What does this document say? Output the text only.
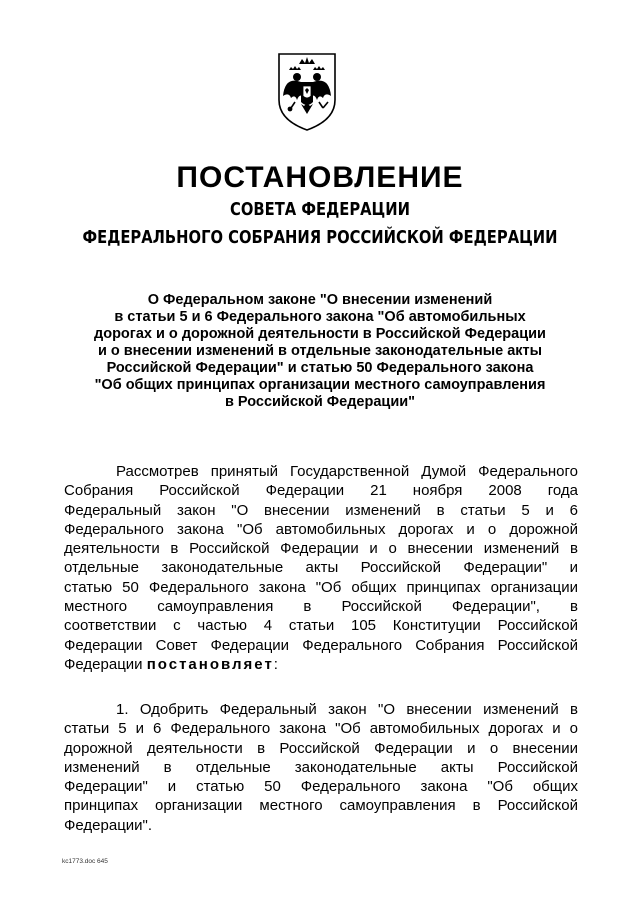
ПОСТАНОВЛЕНИЕ
СОВЕТА ФЕДЕРАЦИИ
ФЕДЕРАЛЬНОГО СОБРАНИЯ РОССИЙСКОЙ ФЕДЕРАЦИИ
О Федеральном законе "О внесении изменений
в статьи 5 и 6 Федерального закона "Об автомобильных
дорогах и о дорожной деятельности в Российской Федерации
и о внесении изменений в отдельные законодательные акты
Российской Федерации" и статью 50 Федерального закона
"Об общих принципах организации местного самоуправления
в Российской Федерации"
Рассмотрев принятый Государственной Думой Федерального
Собрания Российской Федерации 21 ноября 2008 года
Федеральный закон "О внесении изменений в статьи 5 и 6
Федерального закона "Об автомобильных дорогах и о дорожной
деятельности в Российской Федерации и о внесении изменений в
отдельные законодательные акты Российской Федерации" и
статью 50 Федерального закона "Об общих принципах организации
местного самоуправления в Российской Федерации", в
соответствии с частью 4 статьи 105 Конституции Российской
Федерации Совет Федерации Федерального Собрания Российской
Федерации постановляет:
1. Одобрить Федеральный закон "О внесении изменений в
статьи 5 и 6 Федерального закона "Об автомобильных дорогах и о
дорожной деятельности в Российской Федерации и о внесении
изменений в отдельные законодательные акты Российской
Федерации" и статью 50 Федерального закона "Об общих
принципах организации местного самоуправления в Российской
Федерации".
kc1773.doc 645
